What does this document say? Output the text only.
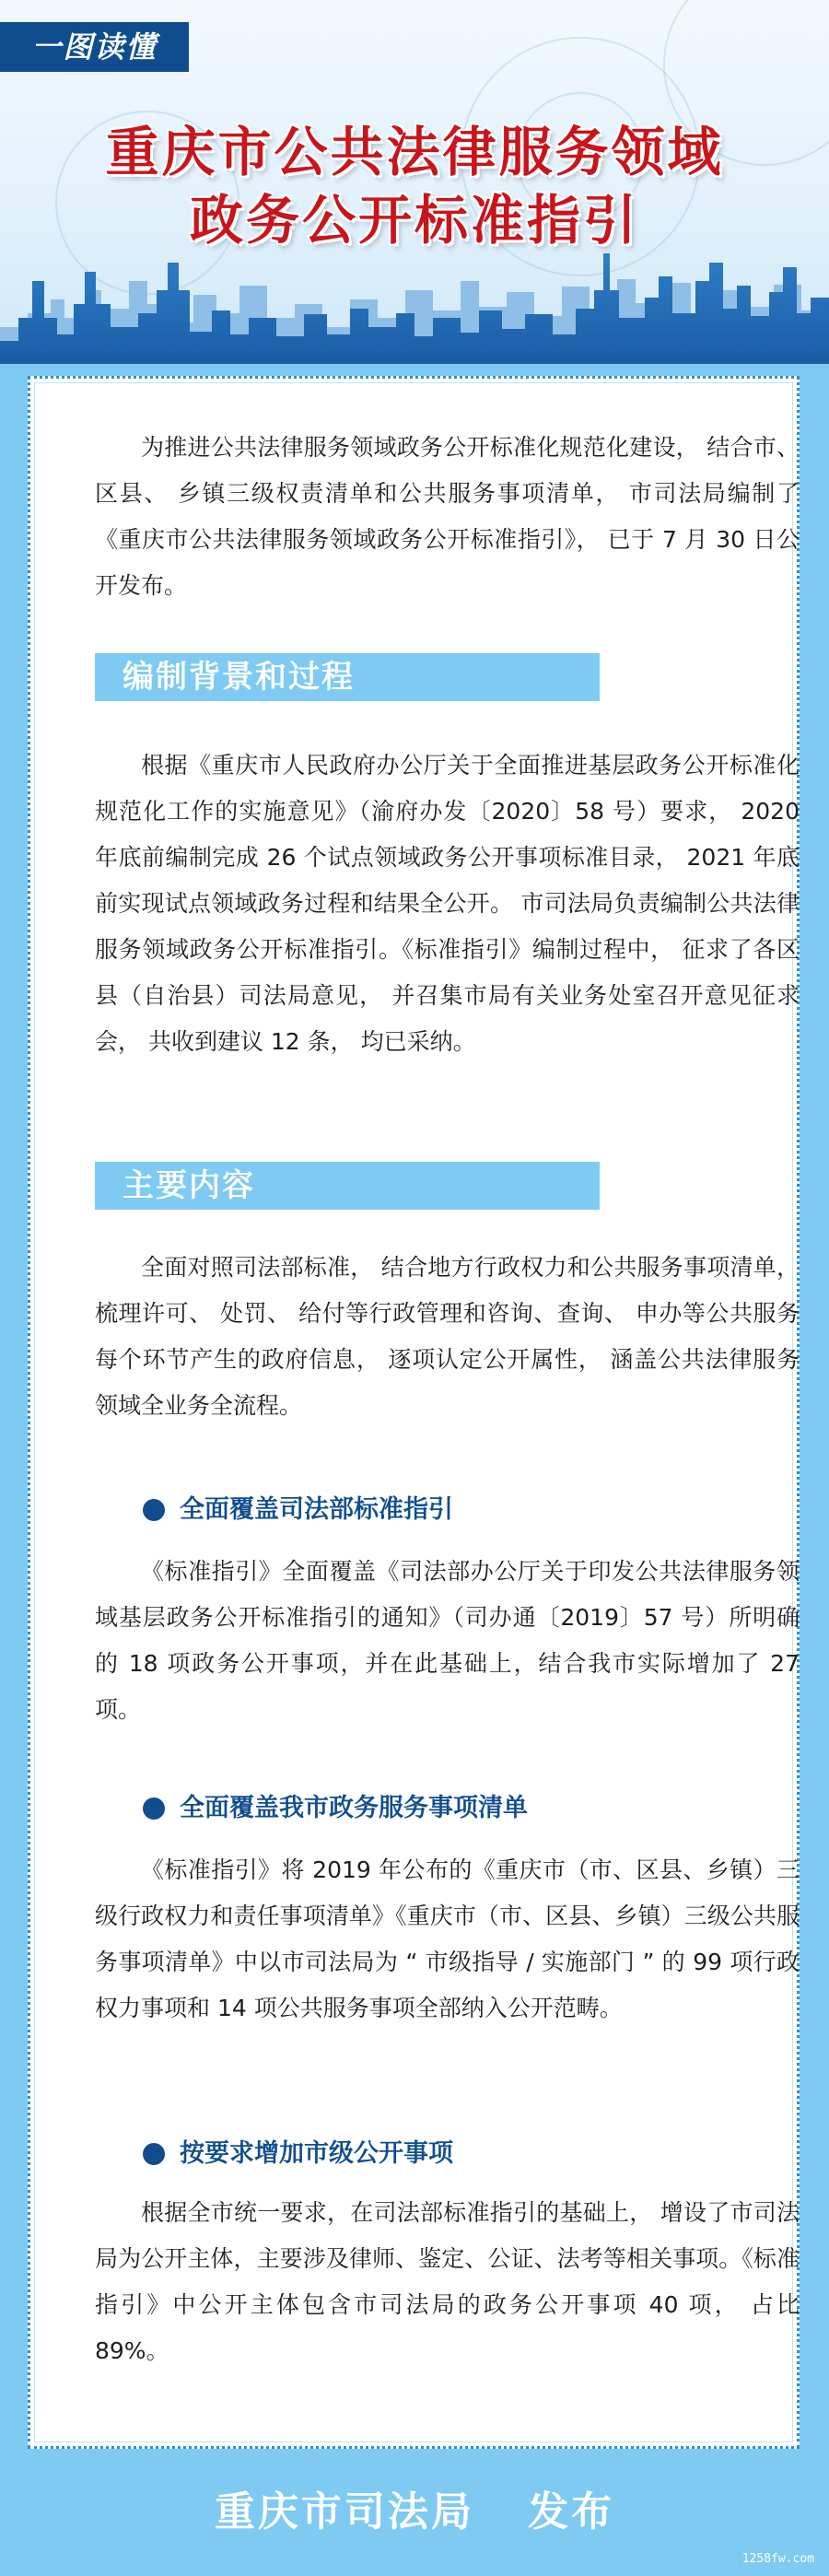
一图读懂
重庆市公共法律服务领域
政务公开标准指引

为推进公共法律服务领域政务公开标准化规范化建设， 结合市、 区县、 乡镇三级权责清单和公共服务事项清单， 市司法局编制了《重庆市公共法律服务领域政务公开标准指引》， 已于 7 月 30 日公开发布。

编制背景和过程

根据《重庆市人民政府办公厅关于全面推进基层政务公开标准化规范化工作的实施意见》（渝府办发〔2020〕58 号）要求， 2020 年底前编制完成 26 个试点领域政务公开事项标准目录， 2021 年底前实现试点领域政务过程和结果全公开。 市司法局负责编制公共法律服务领域政务公开标准指引。《标准指引》编制过程中， 征求了各区县（自治县）司法局意见， 并召集市局有关业务处室召开意见征求会， 共收到建议 12 条， 均已采纳。

主要内容

全面对照司法部标准， 结合地方行政权力和公共服务事项清单， 梳理许可、 处罚、 给付等行政管理和咨询、查询、 申办等公共服务每个环节产生的政府信息， 逐项认定公开属性， 涵盖公共法律服务领域全业务全流程。

全面覆盖司法部标准指引

《标准指引》全面覆盖《司法部办公厅关于印发公共法律服务领域基层政务公开标准指引的通知》（司办通〔2019〕57 号）所明确的 18 项政务公开事项，并在此基础上，结合我市实际增加了 27 项。

全面覆盖我市政务服务事项清单

《标准指引》将 2019 年公布的《重庆市（市、区县、乡镇）三级行政权力和责任事项清单》《重庆市（市、区县、乡镇）三级公共服务事项清单》中以市司法局为 “ 市级指导 / 实施部门 ” 的 99 项行政权力事项和 14 项公共服务事项全部纳入公开范畴。

按要求增加市级公开事项

根据全市统一要求，在司法部标准指引的基础上， 增设了市司法局为公开主体，主要涉及律师、鉴定、公证、法考等相关事项。《标准指引》中公开主体包含市司法局的政务公开事项 40 项， 占比 89%。

重庆市司法局 发布
1258fw.com
